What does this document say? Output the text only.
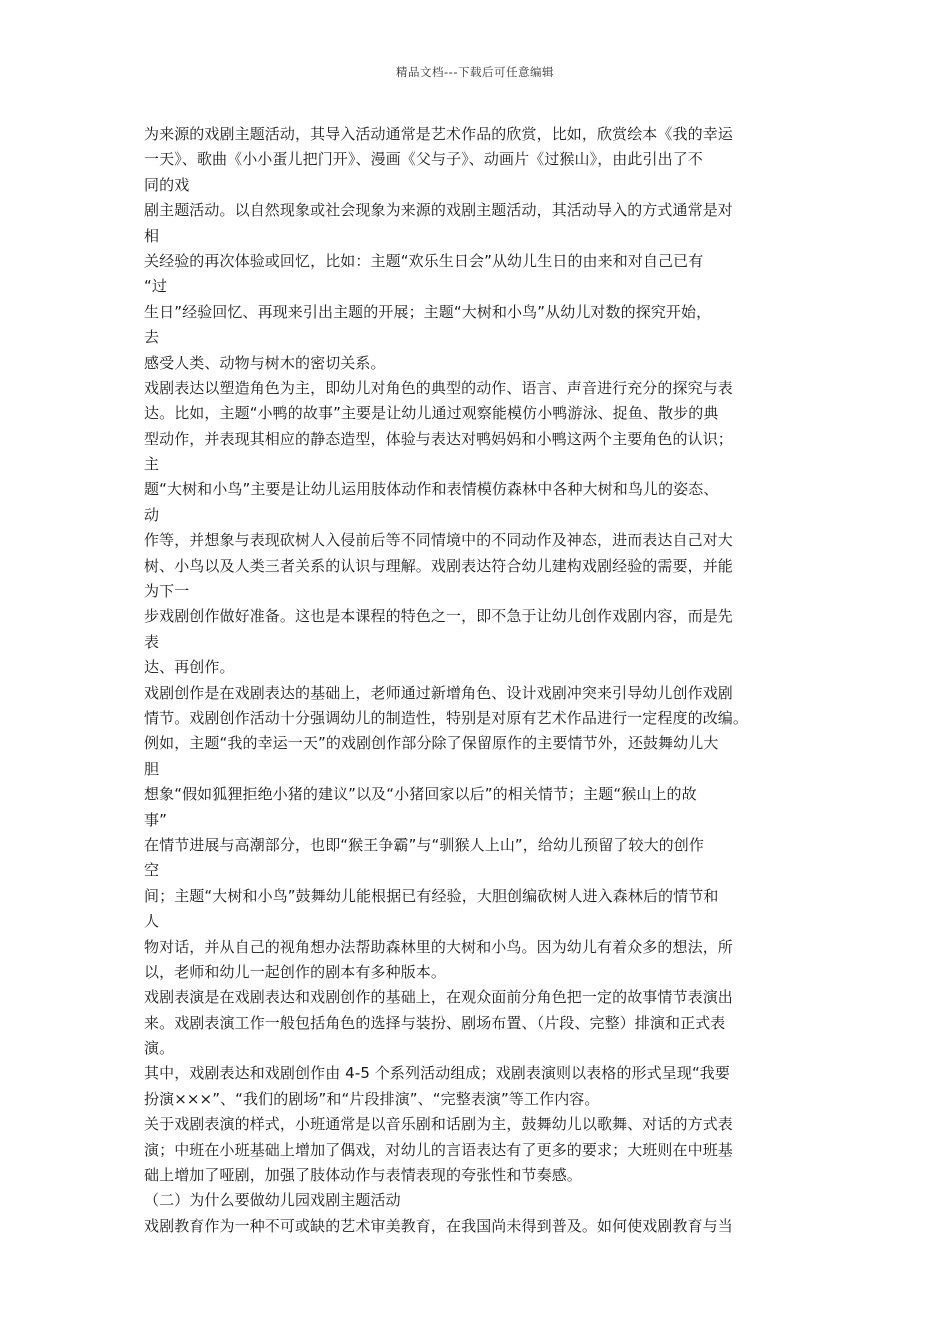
精品文档---下载后可任意编辑
为来源的戏剧主题活动，其导入活动通常是艺术作品的欣赏，比如，欣赏绘本《我的幸运
一天》、歌曲《小小蛋儿把门开》、漫画《父与子》、动画片《过猴山》，由此引出了不
同的戏
剧主题活动。以自然现象或社会现象为来源的戏剧主题活动，其活动导入的方式通常是对
相
关经验的再次体验或回忆，比如：主题“欢乐生日会”从幼儿生日的由来和对自己已有
“过
生日”经验回忆、再现来引出主题的开展；主题“大树和小鸟”从幼儿对数的探究开始，
去
感受人类、动物与树木的密切关系。
戏剧表达以塑造角色为主，即幼儿对角色的典型的动作、语言、声音进行充分的探究与表
达。比如，主题“小鸭的故事”主要是让幼儿通过观察能模仿小鸭游泳、捉鱼、散步的典
型动作，并表现其相应的静态造型，体验与表达对鸭妈妈和小鸭这两个主要角色的认识；
主
题“大树和小鸟”主要是让幼儿运用肢体动作和表情模仿森林中各种大树和鸟儿的姿态、
动
作等，并想象与表现砍树人入侵前后等不同情境中的不同动作及神态，进而表达自己对大
树、小鸟以及人类三者关系的认识与理解。戏剧表达符合幼儿建构戏剧经验的需要，并能
为下一
步戏剧创作做好准备。这也是本课程的特色之一，即不急于让幼儿创作戏剧内容，而是先
表
达、再创作。
戏剧创作是在戏剧表达的基础上，老师通过新增角色、设计戏剧冲突来引导幼儿创作戏剧
情节。戏剧创作活动十分强调幼儿的制造性，特别是对原有艺术作品进行一定程度的改编。
例如，主题“我的幸运一天”的戏剧创作部分除了保留原作的主要情节外，还鼓舞幼儿大
胆
想象“假如狐狸拒绝小猪的建议”以及“小猪回家以后”的相关情节；主题“猴山上的故
事”
在情节进展与高潮部分，也即“猴王争霸”与“驯猴人上山”，给幼儿预留了较大的创作
空
间；主题“大树和小鸟”鼓舞幼儿能根据已有经验，大胆创编砍树人进入森林后的情节和
人
物对话，并从自己的视角想办法帮助森林里的大树和小鸟。因为幼儿有着众多的想法，所
以，老师和幼儿一起创作的剧本有多种版本。
戏剧表演是在戏剧表达和戏剧创作的基础上，在观众面前分角色把一定的故事情节表演出
来。戏剧表演工作一般包括角色的选择与装扮、剧场布置、（片段、完整）排演和正式表
演。
其中，戏剧表达和戏剧创作由 4-5 个系列活动组成；戏剧表演则以表格的形式呈现“我要
扮演×××”、“我们的剧场”和“片段排演”、“完整表演”等工作内容。
关于戏剧表演的样式，小班通常是以音乐剧和话剧为主，鼓舞幼儿以歌舞、对话的方式表
演；中班在小班基础上增加了偶戏，对幼儿的言语表达有了更多的要求；大班则在中班基
础上增加了哑剧，加强了肢体动作与表情表现的夸张性和节奏感。
（二）为什么要做幼儿园戏剧主题活动
戏剧教育作为一种不可或缺的艺术审美教育，在我国尚未得到普及。如何使戏剧教育与当
